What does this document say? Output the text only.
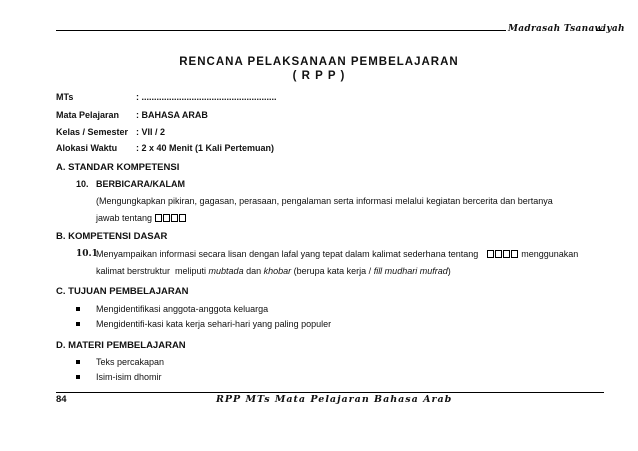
Madrasah Tsanawiyah
RENCANA PELAKSANAAN PEMBELAJARAN
( R P P )
MTs	: ......................................................
Mata Pelajaran : BAHASA ARAB
Kelas / Semester : VII / 2
Alokasi Waktu : 2 x 40 Menit (1 Kali Pertemuan)
A. STANDAR KOMPETENSI
10. BERBICARA/KALAM
(Mengungkapkan pikiran, gagasan, perasaan, pengalaman serta informasi melalui kegiatan bercerita dan bertanya
jawab tentang
B. KOMPETENSI DASAR
10.1
Menyampaikan informasi secara lisan dengan lafal yang tepat dalam kalimat sederhana tentang	menggunakan
kalimat berstruktur  meliputi mubtada dan khobar (berupa kata kerja / fill mudhari mufrad)
C. TUJUAN PEMBELAJARAN
Mengidentifikasi anggota-anggota keluarga
Mengidentifi-kasi kata kerja sehari-hari yang paling populer
D. MATERI PEMBELAJARAN
Teks percakapan
Isim-isim dhomir
84	RPP MTs Mata Pelajaran Bahasa Arab
